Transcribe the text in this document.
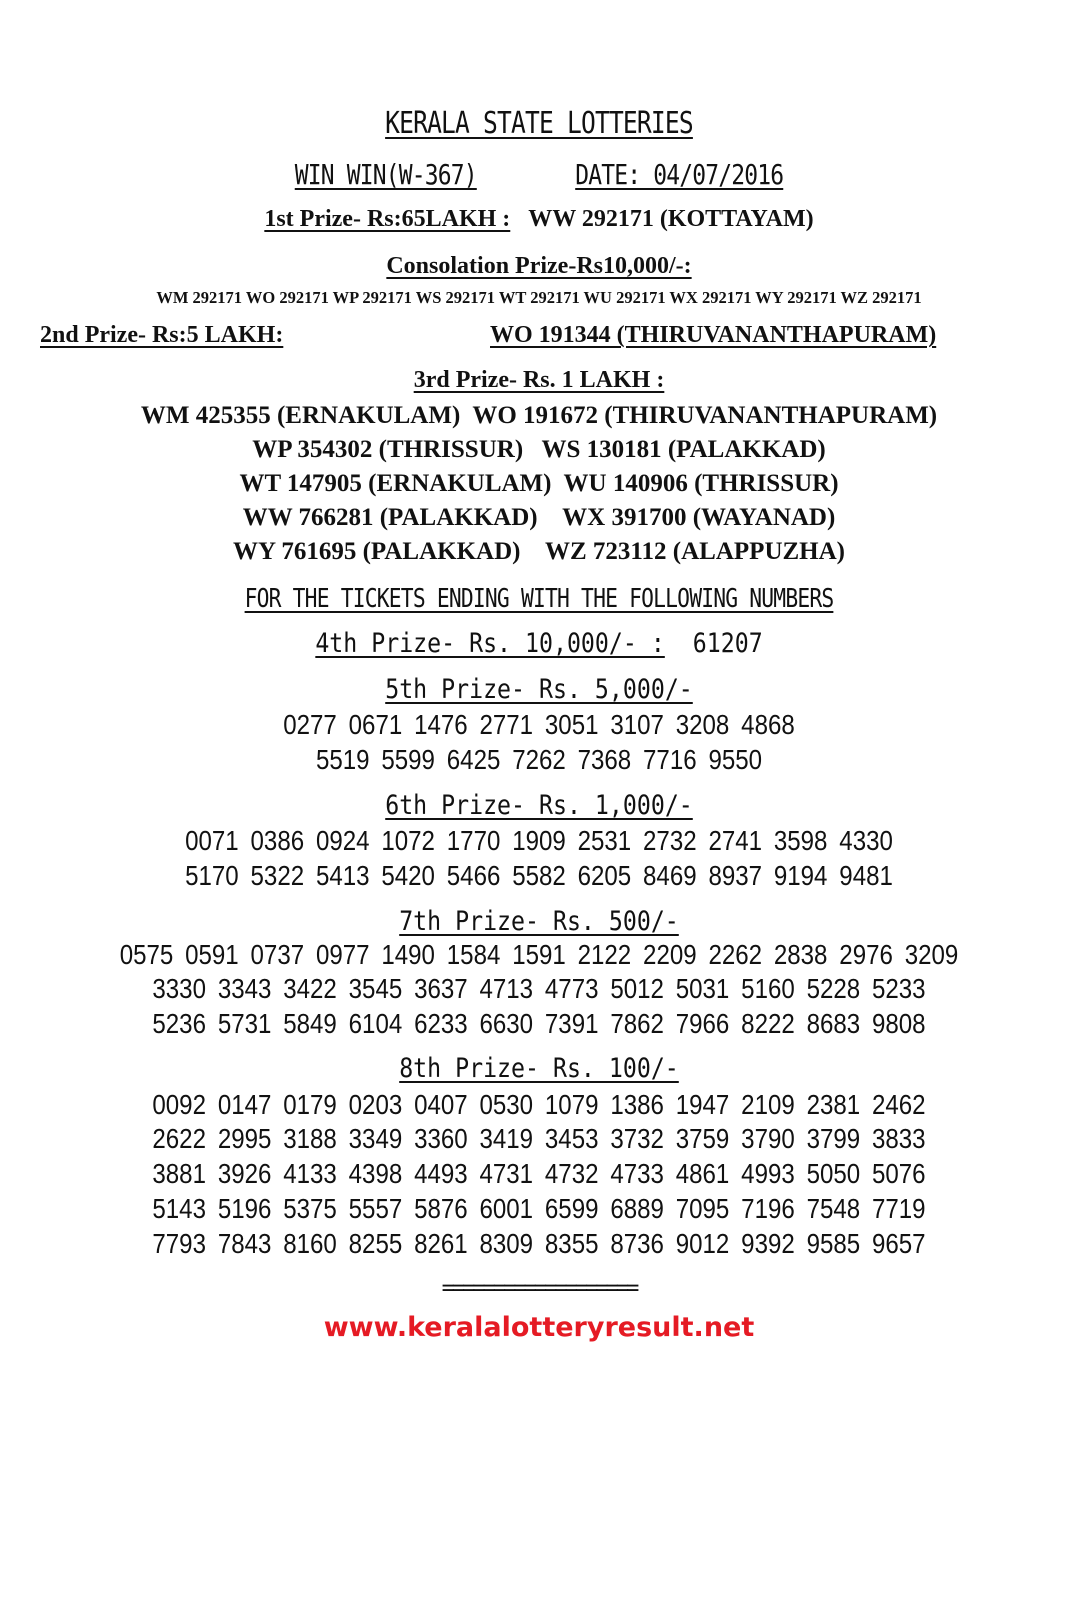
KERALA STATE LOTTERIES
WIN WIN(W-367)	DATE: 04/07/2016
1st Prize- Rs:65LAKH : WW 292171 (KOTTAYAM)
Consolation Prize-Rs10,000/-:
WM 292171 WO 292171 WP 292171 WS 292171 WT 292171 WU 292171 WX 292171 WY 292171 WZ 292171
2nd Prize- Rs:5 LAKH:	WO 191344 (THIRUVANANTHAPURAM)
3rd Prize- Rs. 1 LAKH :
WM 425355 (ERNAKULAM)  WO 191672 (THIRUVANANTHAPURAM)
WP 354302 (THRISSUR)   WS 130181 (PALAKKAD)
WT 147905 (ERNAKULAM)  WU 140906 (THRISSUR)
WW 766281 (PALAKKAD)    WX 391700 (WAYANAD)
WY 761695 (PALAKKAD)    WZ 723112 (ALAPPUZHA)
FOR THE TICKETS ENDING WITH THE FOLLOWING NUMBERS
4th Prize- Rs. 10,000/- : 61207
5th Prize- Rs. 5,000/-
0277 0671 1476 2771 3051 3107 3208 4868
5519 5599 6425 7262 7368 7716 9550
6th Prize- Rs. 1,000/-
0071 0386 0924 1072 1770 1909 2531 2732 2741 3598 4330
5170 5322 5413 5420 5466 5582 6205 8469 8937 9194 9481
7th Prize- Rs. 500/-
0575 0591 0737 0977 1490 1584 1591 2122 2209 2262 2838 2976 3209
3330 3343 3422 3545 3637 4713 4773 5012 5031 5160 5228 5233
5236 5731 5849 6104 6233 6630 7391 7862 7966 8222 8683 9808
8th Prize- Rs. 100/-
0092 0147 0179 0203 0407 0530 1079 1386 1947 2109 2381 2462
2622 2995 3188 3349 3360 3419 3453 3732 3759 3790 3799 3833
3881 3926 4133 4398 4493 4731 4732 4733 4861 4993 5050 5076
5143 5196 5375 5557 5876 6001 6599 6889 7095 7196 7548 7719
7793 7843 8160 8255 8261 8309 8355 8736 9012 9392 9585 9657
===================
www.keralalotteryresult.net
